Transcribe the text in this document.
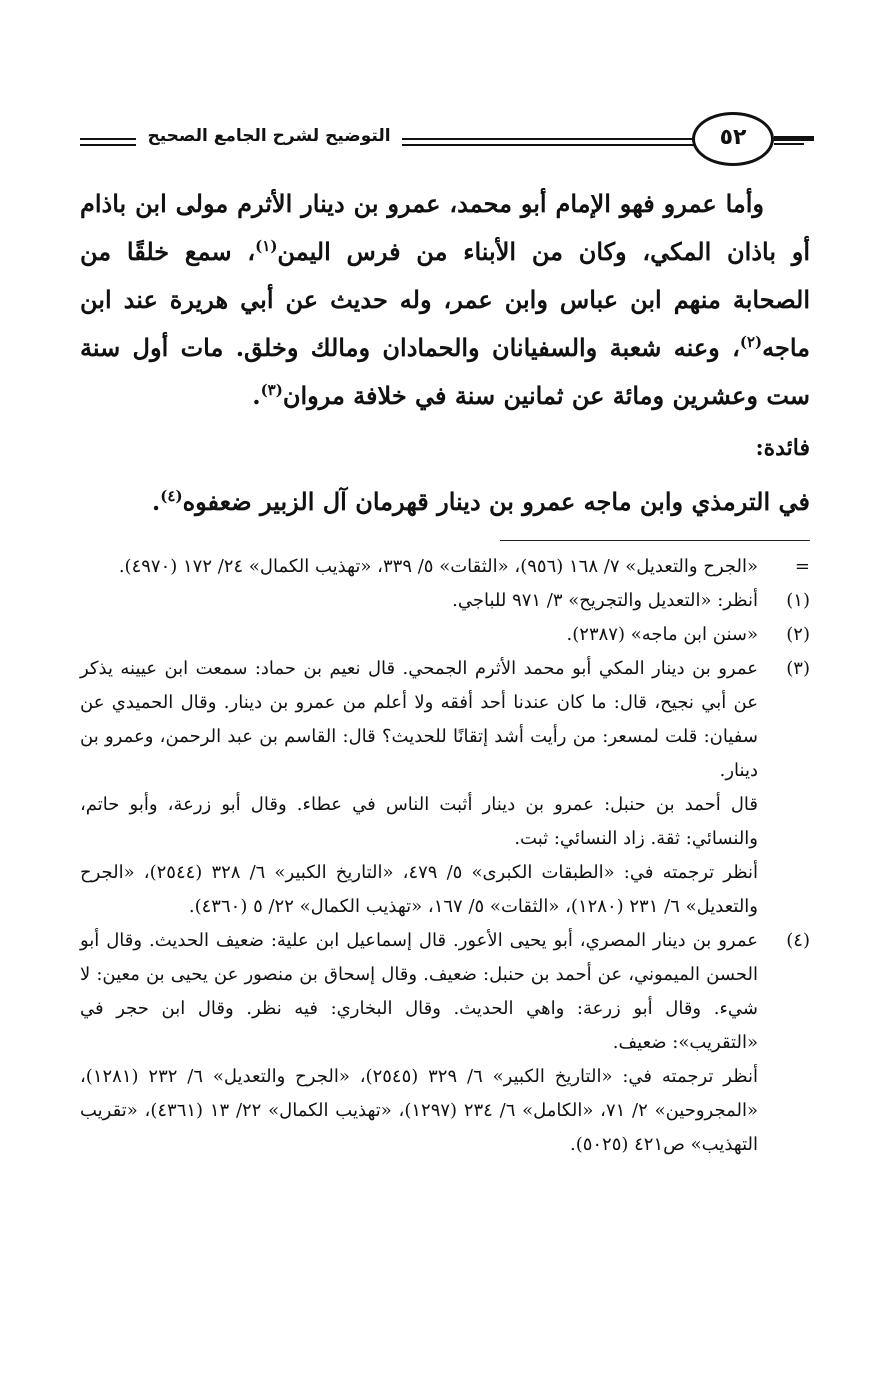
التوضيح لشرح الجامع الصحيح	٥٢

وأما عمرو فهو الإمام أبو محمد، عمرو بن دينار الأثرم مولى ابن باذام أو باذان المكي، وكان من الأبناء من فرس اليمن$^{(١)}$، سمع خلقًا من الصحابة منهم ابن عباس وابن عمر، وله حديث عن أبي هريرة عند ابن ماجه$^{(٢)}$، وعنه شعبة والسفيانان والحمادان ومالك وخلق. مات أول سنة ست وعشرين ومائة عن ثمانين سنة في خلافة مروان$^{(٣)}$.

فائدة:

في الترمذي وابن ماجه عمرو بن دينار قهرمان آل الزبير ضعفوه$^{(٤)}$.

=

«الجرح والتعديل» ٧/ ١٦٨ (٩٥٦)، «الثقات» ٥/ ٣٣٩، «تهذيب الكمال» ٢٤/ ١٧٢ (٤٩٧٠).

(١)

أنظر: «التعديل والتجريح» ٣/ ٩٧١ للباجي.

(٢)

«سنن ابن ماجه» (٢٣٨٧).

(٣)

عمرو بن دينار المكي أبو محمد الأثرم الجمحي. قال نعيم بن حماد: سمعت ابن عيينه يذكر عن أبي نجيح، قال: ما كان عندنا أحد أفقه ولا أعلم من عمرو بن دينار. وقال الحميدي عن سفيان: قلت لمسعر: من رأيت أشد إتقانًا للحديث؟ قال: القاسم بن عبد الرحمن، وعمرو بن دينار.

قال أحمد بن حنبل: عمرو بن دينار أثبت الناس في عطاء. وقال أبو زرعة، وأبو حاتم، والنسائي: ثقة. زاد النسائي: ثبت.

أنظر ترجمته في: «الطبقات الكبرى» ٥/ ٤٧٩، «التاريخ الكبير» ٦/ ٣٢٨ (٢٥٤٤)، «الجرح والتعديل» ٦/ ٢٣١ (١٢٨٠)، «الثقات» ٥/ ١٦٧، «تهذيب الكمال» ٢٢/ ٥ (٤٣٦٠).

(٤)

عمرو بن دينار المصري، أبو يحيى الأعور. قال إسماعيل ابن علية: ضعيف الحديث. وقال أبو الحسن الميموني، عن أحمد بن حنبل: ضعيف. وقال إسحاق بن منصور عن يحيى بن معين: لا شيء. وقال أبو زرعة: واهي الحديث. وقال البخاري: فيه نظر. وقال ابن حجر في «التقريب»: ضعيف.

أنظر ترجمته في: «التاريخ الكبير» ٦/ ٣٢٩ (٢٥٤٥)، «الجرح والتعديل» ٦/ ٢٣٢ (١٢٨١)، «المجروحين» ٢/ ٧١، «الكامل» ٦/ ٢٣٤ (١٢٩٧)، «تهذيب الكمال» ٢٢/ ١٣ (٤٣٦١)، «تقريب التهذيب» ص٤٢١ (٥٠٢٥).
